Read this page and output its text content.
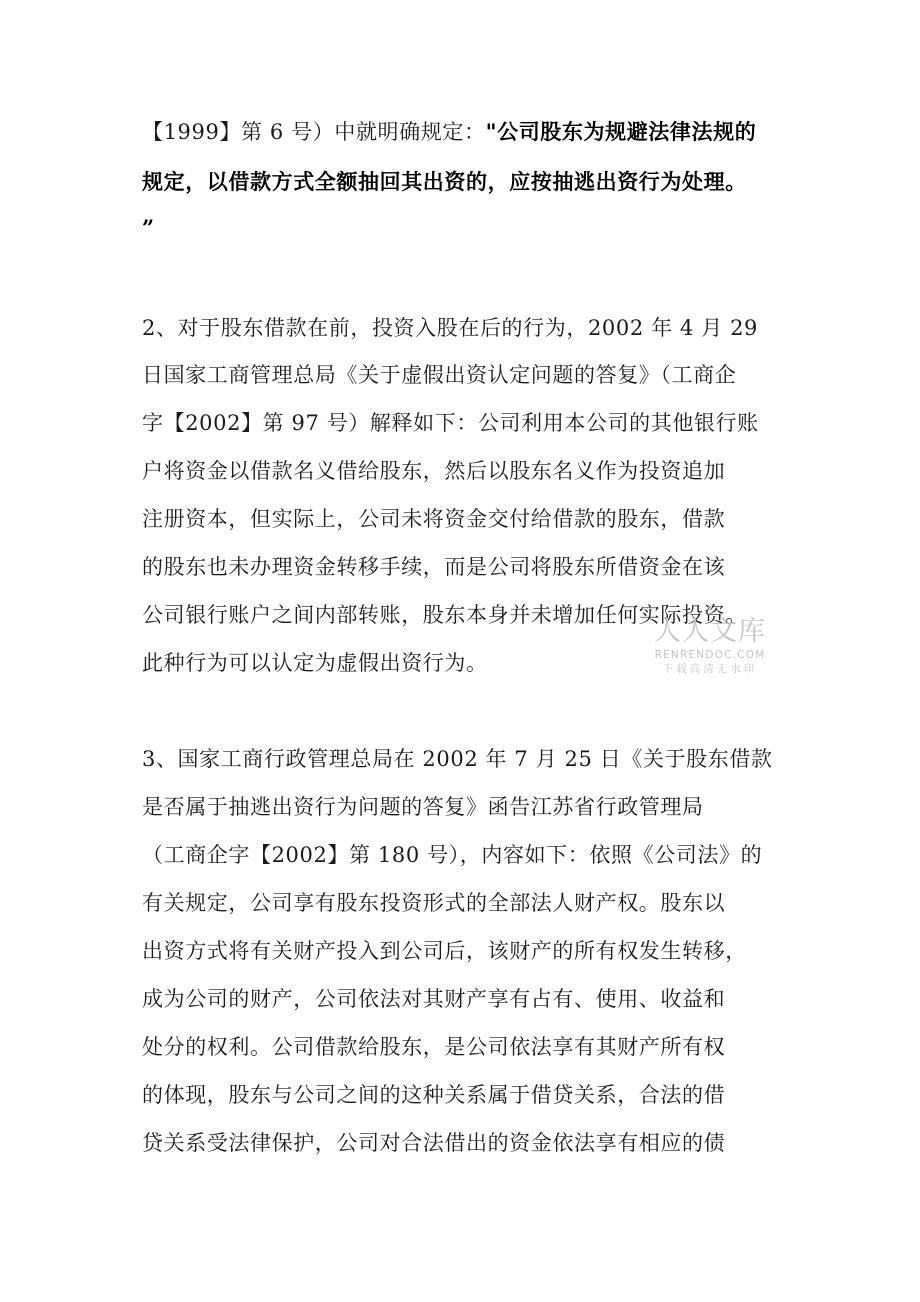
【1999】第 6 号）中就明确规定："公司股东为规避法律法规的
规定，以借款方式全额抽回其出资的，应按抽逃出资行为处理。
”
2、对于股东借款在前，投资入股在后的行为，2002 年 4 月 29
日国家工商管理总局《关于虚假出资认定问题的答复》（工商企
字【2002】第 97 号）解释如下：公司利用本公司的其他银行账
户将资金以借款名义借给股东，然后以股东名义作为投资追加
注册资本，但实际上，公司未将资金交付给借款的股东，借款
的股东也未办理资金转移手续，而是公司将股东所借资金在该
公司银行账户之间内部转账，股东本身并未增加任何实际投资。
此种行为可以认定为虚假出资行为。
人人文库
RENRENDOC.COM
下载高清无水印
3、国家工商行政管理总局在 2002 年 7 月 25 日《关于股东借款
是否属于抽逃出资行为问题的答复》函告江苏省行政管理局
（工商企字【2002】第 180 号），内容如下：依照《公司法》的
有关规定，公司享有股东投资形式的全部法人财产权。股东以
出资方式将有关财产投入到公司后，该财产的所有权发生转移，
成为公司的财产，公司依法对其财产享有占有、使用、收益和
处分的权利。公司借款给股东，是公司依法享有其财产所有权
的体现，股东与公司之间的这种关系属于借贷关系，合法的借
贷关系受法律保护，公司对合法借出的资金依法享有相应的债
